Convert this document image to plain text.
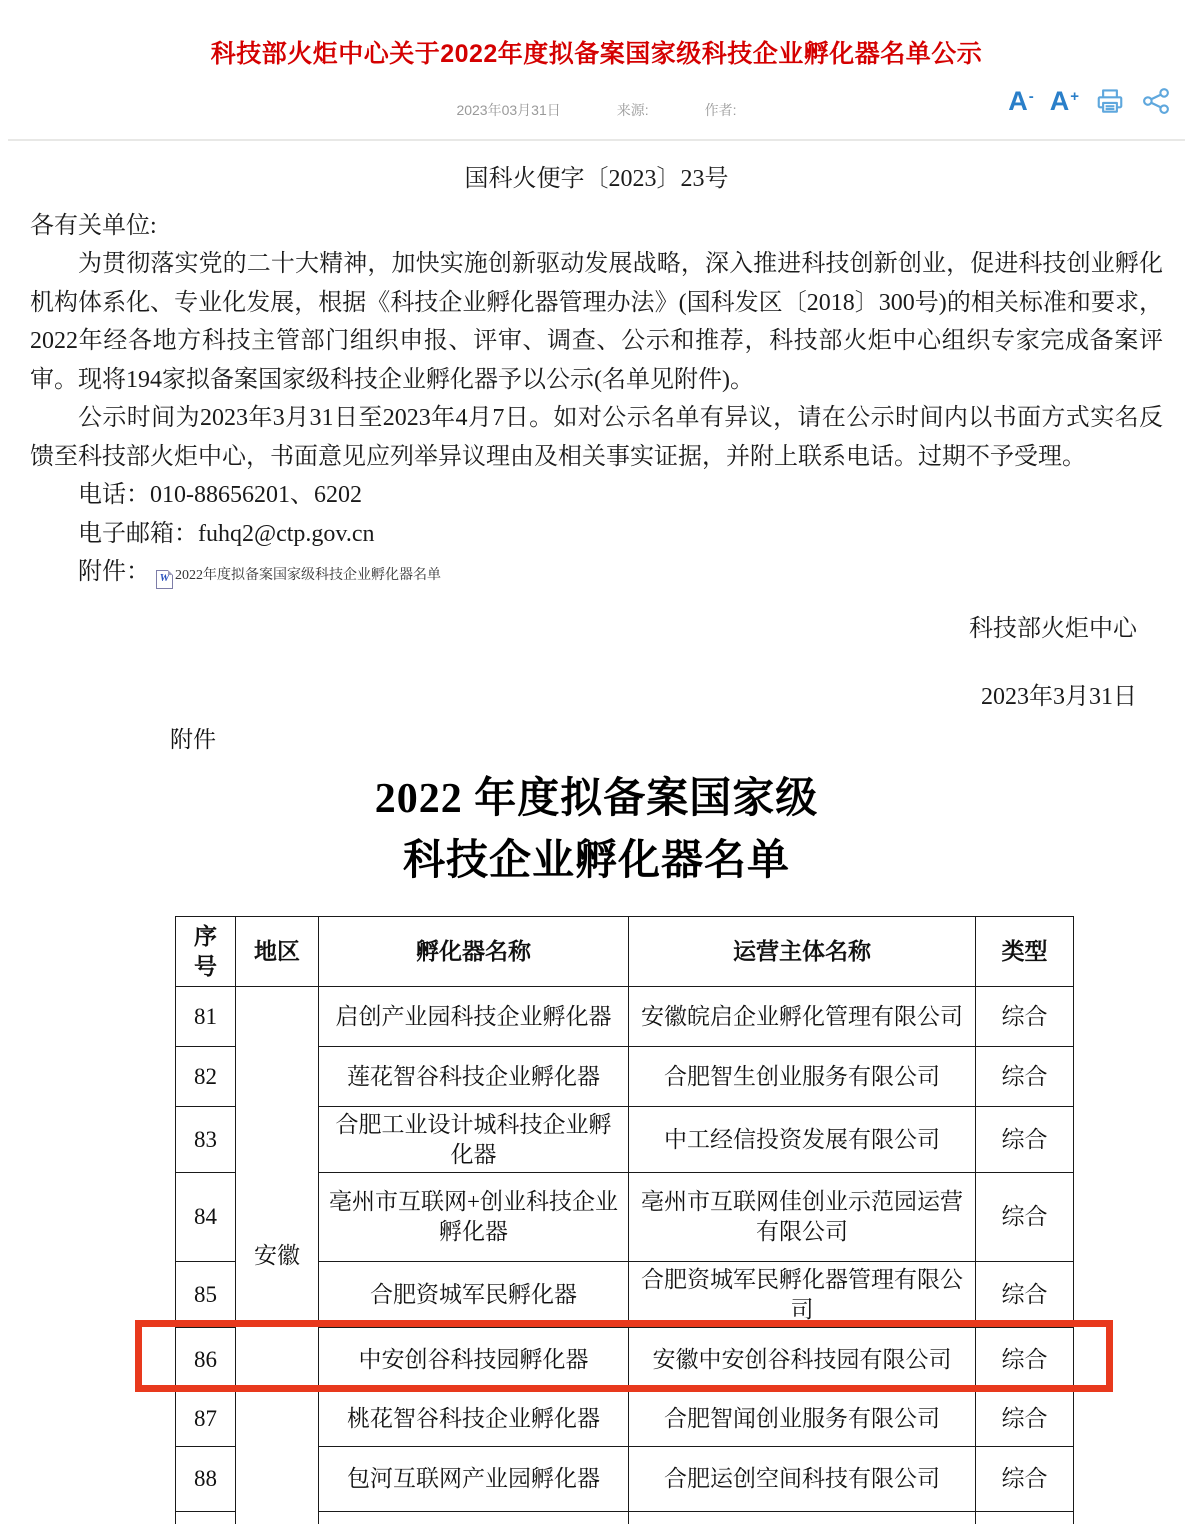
科技部火炬中心关于2022年度拟备案国家级科技企业孵化器名单公示
2023年03月31日	来源:	作者:	A- A+
国科火便字〔2023〕23号
各有关单位:

为贯彻落实党的二十大精神，加快实施创新驱动发展战略，深入推进科技创新创业，促进科技创业孵化机构体系化、专业化发展，根据《科技企业孵化器管理办法》(国科发区〔2018〕300号)的相关标准和要求，2022年经各地方科技主管部门组织申报、评审、调查、公示和推荐，科技部火炬中心组织专家完成备案评审。现将194家拟备案国家级科技企业孵化器予以公示(名单见附件)。

公示时间为2023年3月31日至2023年4月7日。如对公示名单有异议，请在公示时间内以书面方式实名反馈至科技部火炬中心，书面意见应列举异议理由及相关事实证据，并附上联系电话。过期不予受理。

电话：010-88656201、6202
电子邮箱：fuhq2@ctp.gov.cn
附件： W 2022年度拟备案国家级科技企业孵化器名单
科技部火炬中心
2023年3月31日
附件
2022 年度拟备案国家级
科技企业孵化器名单
序号	地区	孵化器名称	运营主体名称	类型
81	安徽	启创产业园科技企业孵化器	安徽皖启企业孵化管理有限公司	综合
82		莲花智谷科技企业孵化器	合肥智生创业服务有限公司	综合
83		合肥工业设计城科技企业孵化器	中工经信投资发展有限公司	综合
84		亳州市互联网+创业科技企业孵化器	亳州市互联网佳创业示范园运营有限公司	综合
85		合肥资城军民孵化器	合肥资城军民孵化器管理有限公司	综合
86		中安创谷科技园孵化器	安徽中安创谷科技园有限公司	综合
87		桃花智谷科技企业孵化器	合肥智闻创业服务有限公司	综合
88		包河互联网产业园孵化器	合肥运创空间科技有限公司	综合
